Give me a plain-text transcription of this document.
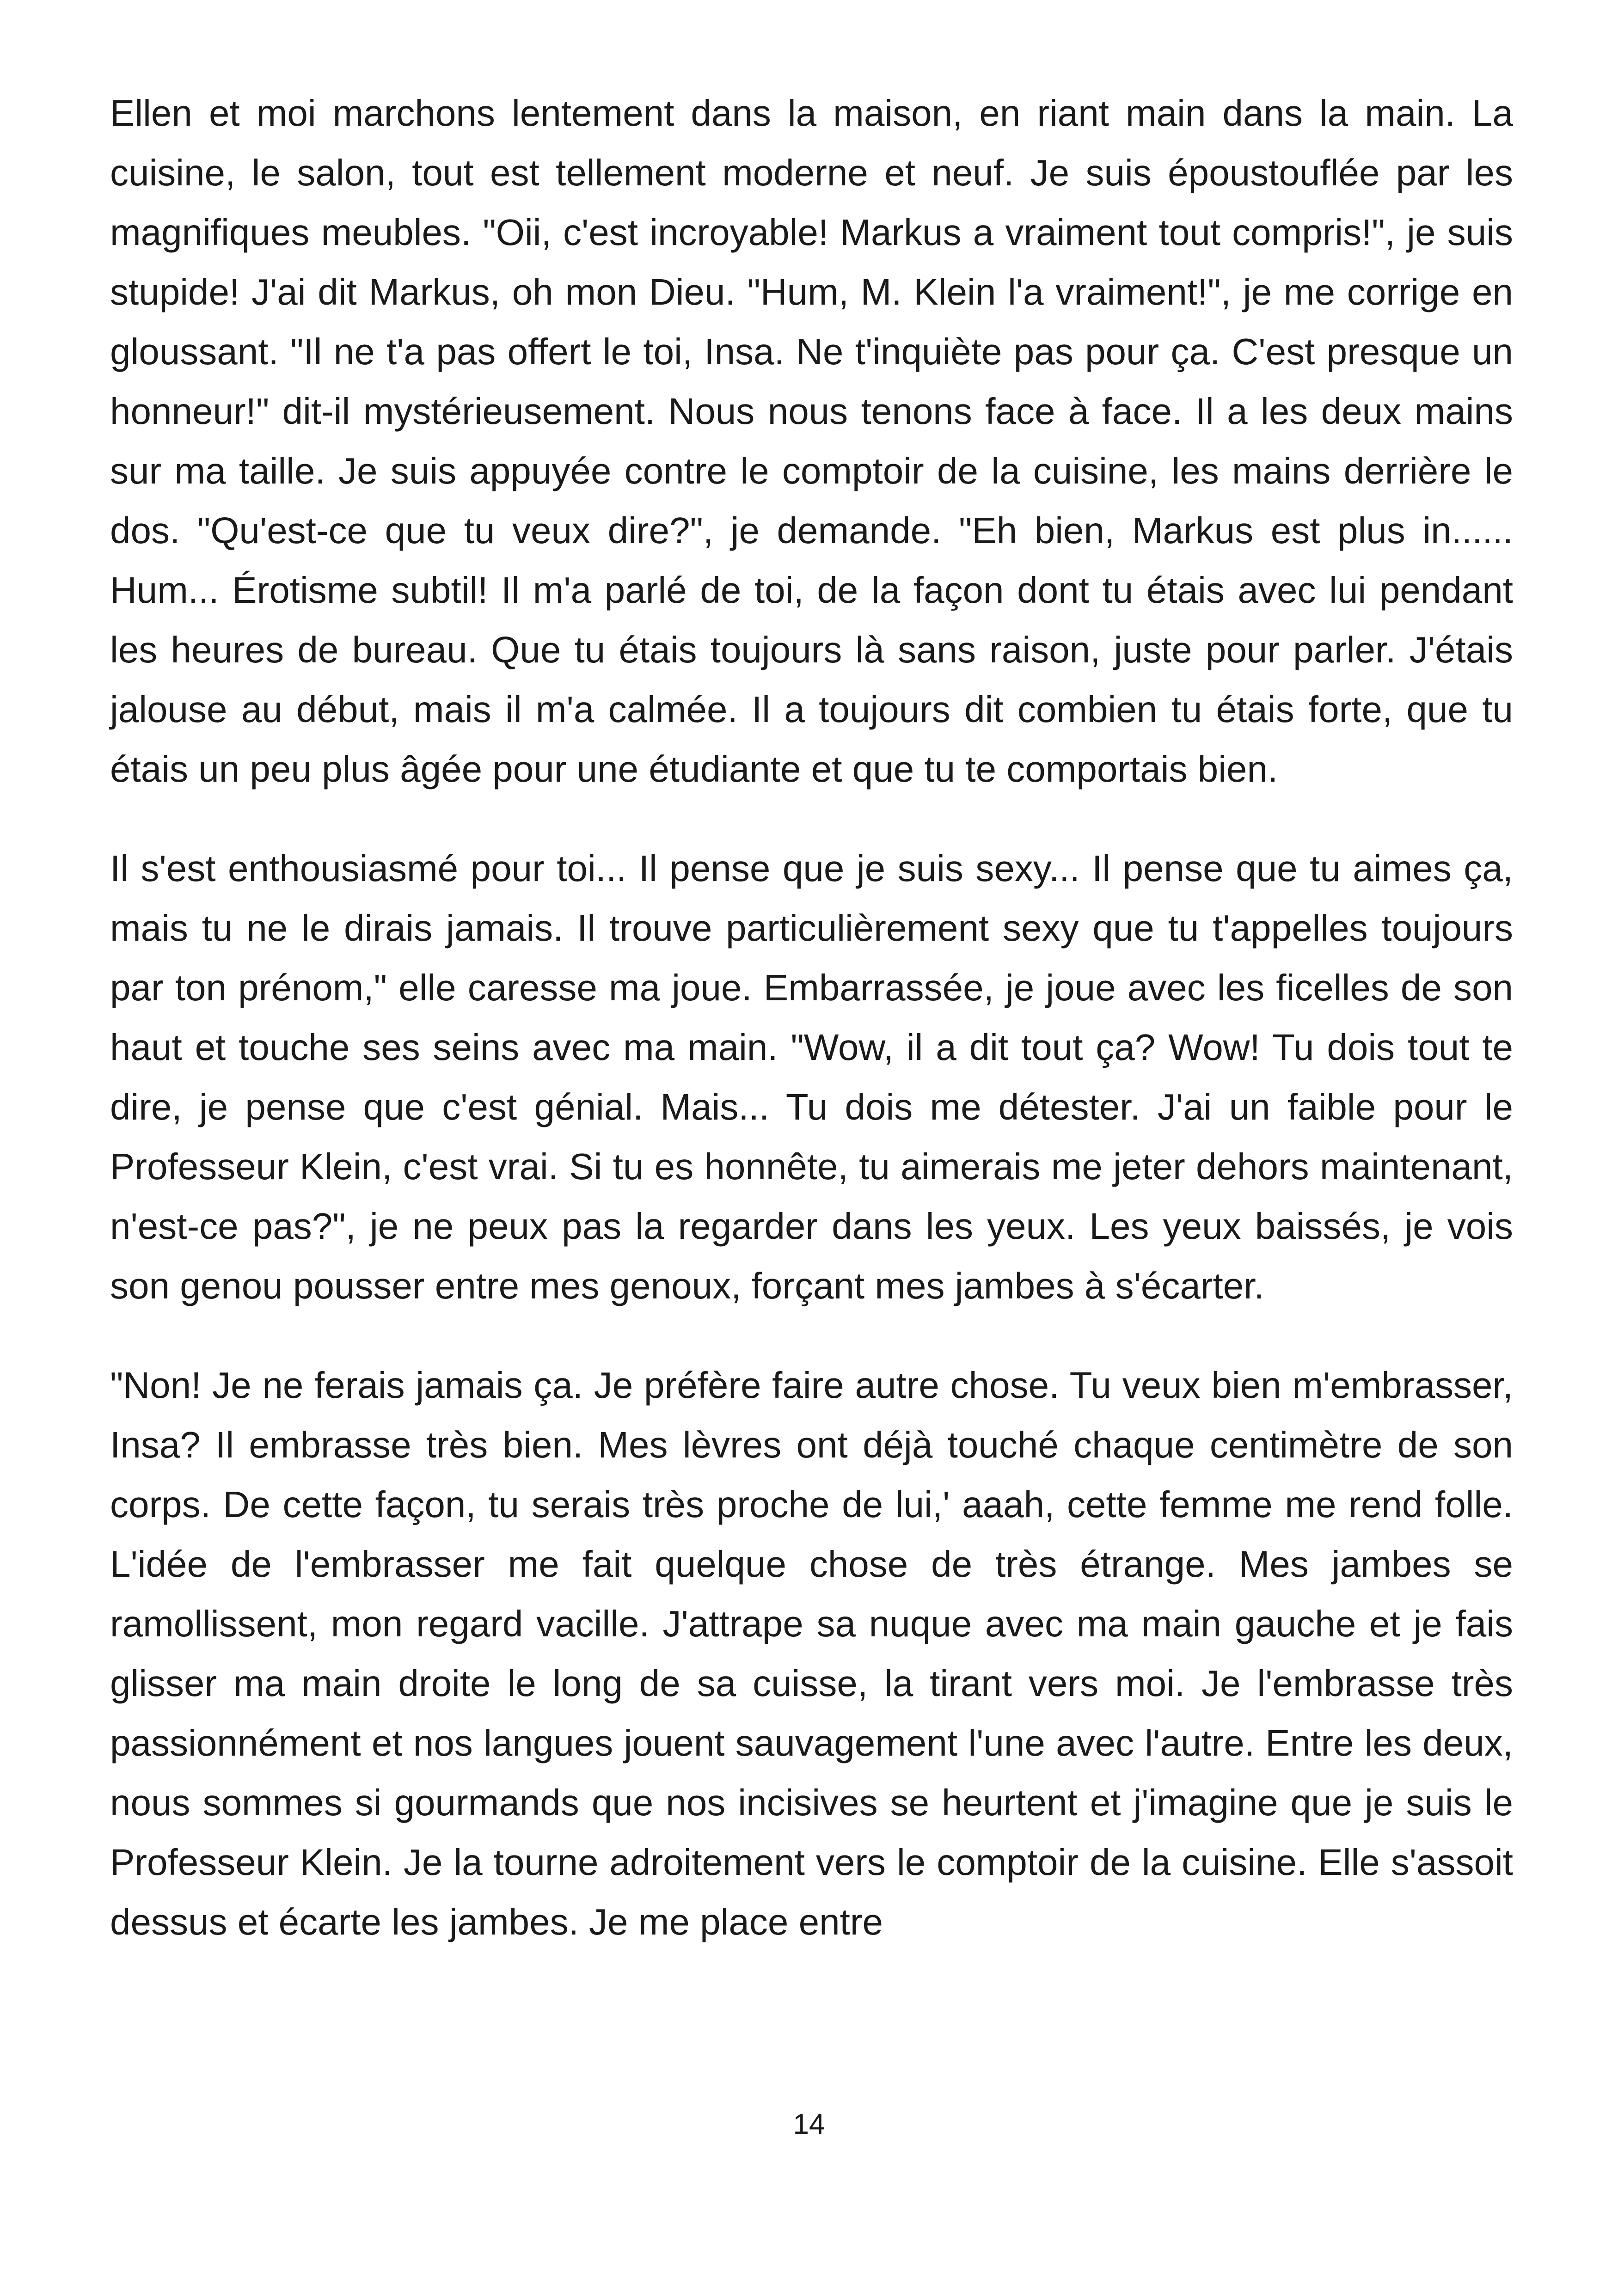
Ellen et moi marchons lentement dans la maison, en riant main dans la main. La cuisine, le salon, tout est tellement moderne et neuf. Je suis époustouflée par les magnifiques meubles. "Oii, c'est incroyable! Markus a vraiment tout compris!", je suis stupide! J'ai dit Markus, oh mon Dieu. "Hum, M. Klein l'a vraiment!", je me corrige en gloussant. "Il ne t'a pas offert le toi, Insa. Ne t'inquiète pas pour ça. C'est presque un honneur!" dit-il mystérieusement. Nous nous tenons face à face. Il a les deux mains sur ma taille. Je suis appuyée contre le comptoir de la cuisine, les mains derrière le dos. "Qu'est-ce que tu veux dire?", je demande. "Eh bien, Markus est plus in...... Hum... Érotisme subtil! Il m'a parlé de toi, de la façon dont tu étais avec lui pendant les heures de bureau. Que tu étais toujours là sans raison, juste pour parler. J'étais jalouse au début, mais il m'a calmée. Il a toujours dit combien tu étais forte, que tu étais un peu plus âgée pour une étudiante et que tu te comportais bien.

Il s'est enthousiasmé pour toi... Il pense que je suis sexy... Il pense que tu aimes ça, mais tu ne le dirais jamais. Il trouve particulièrement sexy que tu t'appelles toujours par ton prénom," elle caresse ma joue. Embarrassée, je joue avec les ficelles de son haut et touche ses seins avec ma main. "Wow, il a dit tout ça? Wow! Tu dois tout te dire, je pense que c'est génial. Mais... Tu dois me détester. J'ai un faible pour le Professeur Klein, c'est vrai. Si tu es honnête, tu aimerais me jeter dehors maintenant, n'est-ce pas?", je ne peux pas la regarder dans les yeux. Les yeux baissés, je vois son genou pousser entre mes genoux, forçant mes jambes à s'écarter.

"Non! Je ne ferais jamais ça. Je préfère faire autre chose. Tu veux bien m'embrasser, Insa? Il embrasse très bien. Mes lèvres ont déjà touché chaque centimètre de son corps. De cette façon, tu serais très proche de lui,' aaah, cette femme me rend folle. L'idée de l'embrasser me fait quelque chose de très étrange. Mes jambes se ramollissent, mon regard vacille. J'attrape sa nuque avec ma main gauche et je fais glisser ma main droite le long de sa cuisse, la tirant vers moi. Je l'embrasse très passionnément et nos langues jouent sauvagement l'une avec l'autre. Entre les deux, nous sommes si gourmands que nos incisives se heurtent et j'imagine que je suis le Professeur Klein. Je la tourne adroitement vers le comptoir de la cuisine. Elle s'assoit dessus et écarte les jambes. Je me place entre

14
